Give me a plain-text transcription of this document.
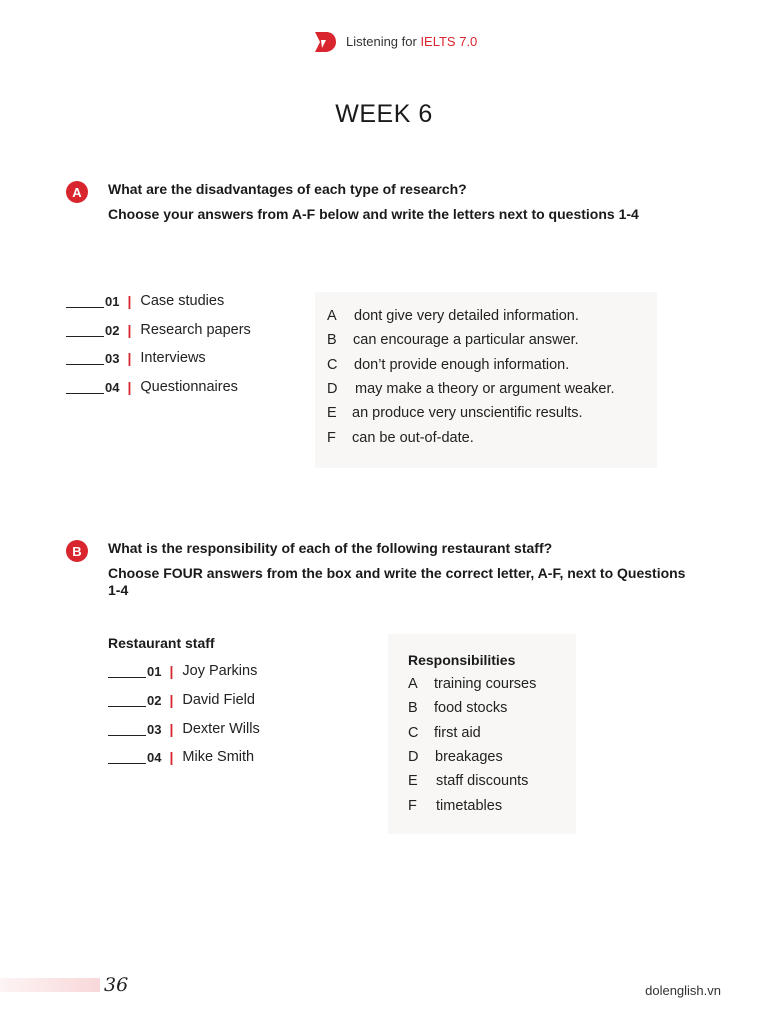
Listening for IELTS 7.0
WEEK 6
A	What are the disadvantages of each type of research?

Choose your answers from A-F below and write the letters next to questions 1-4

01 | Case studies
02 | Research papers
03 | Interviews
04 | Questionnaires
A dont give very detailed information.
B can encourage a particular answer.
C don’t provide enough information.
D may make a theory or argument weaker.
E an produce very unscientific results.
F can be out-of-date.
B	What is the responsibility of each of the following restaurant staff?

Choose FOUR answers from the box and write the correct letter, A-F, next to Questions 1-4

Restaurant staff
01 | Joy Parkins
02 | David Field
03 | Dexter Wills
04 | Mike Smith
Responsibilities
A training courses
B food stocks
C first aid
D breakages
E staff discounts
F timetables
36	dolenglish.vn
